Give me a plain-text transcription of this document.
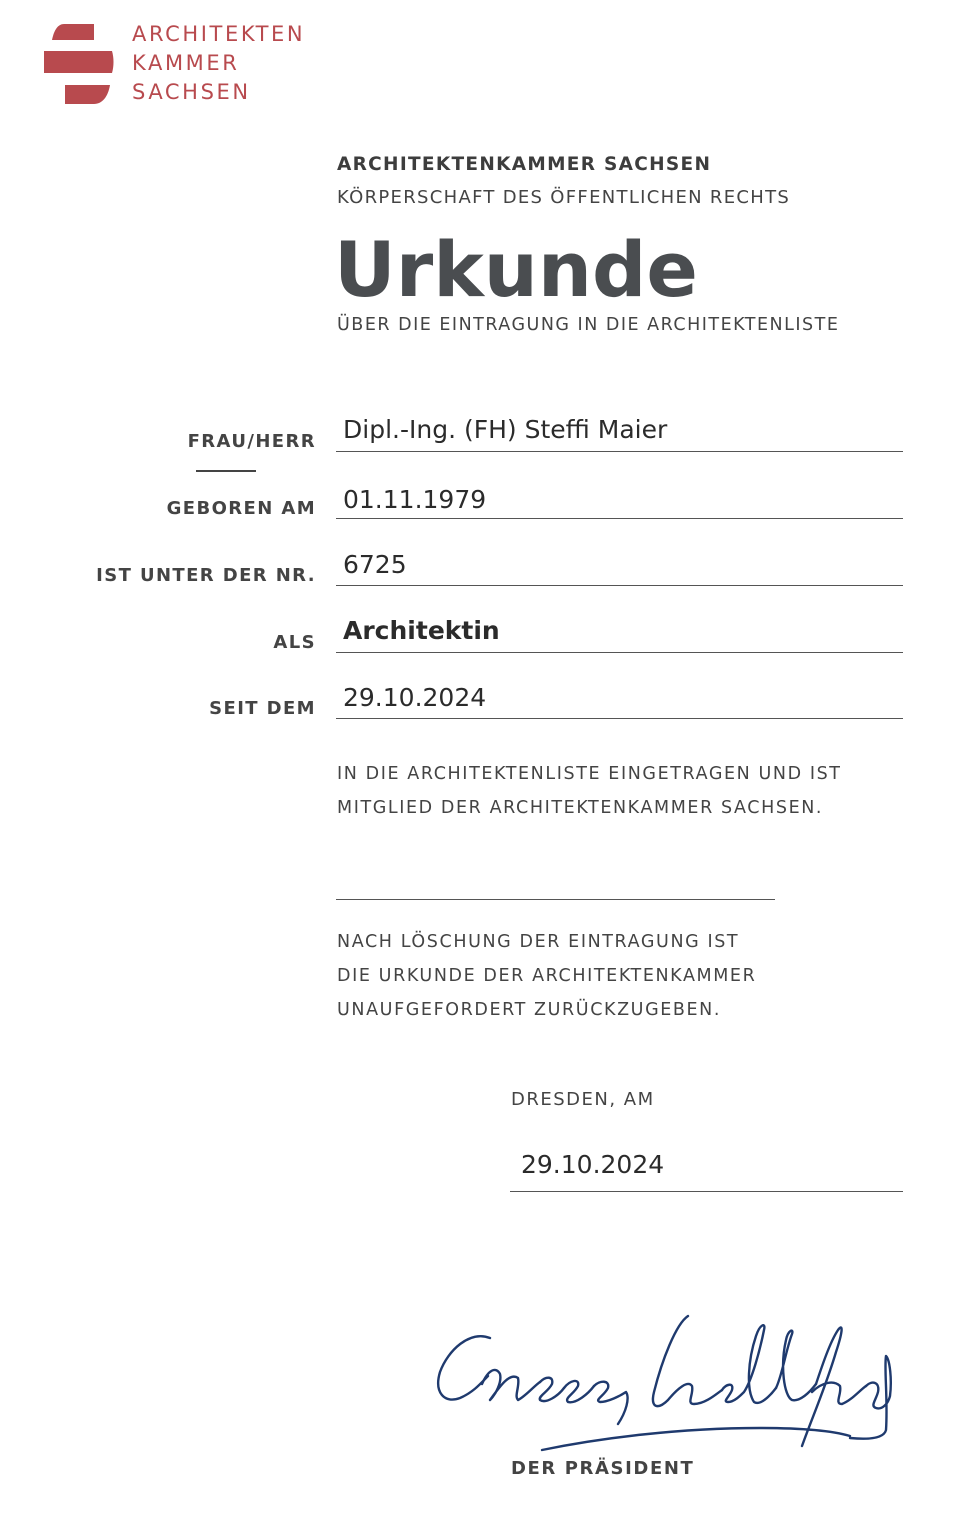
ARCHITEKTEN
KAMMER
SACHSEN
ARCHITEKTENKAMMER SACHSEN
KÖRPERSCHAFT DES ÖFFENTLICHEN RECHTS
Urkunde
ÜBER DIE EINTRAGUNG IN DIE ARCHITEKTENLISTE
FRAU/HERR Dipl.-Ing. (FH) Steffi Maier
GEBOREN AM 01.11.1979
IST UNTER DER NR. 6725
ALS Architektin
SEIT DEM 29.10.2024
IN DIE ARCHITEKTENLISTE EINGETRAGEN UND IST
MITGLIED DER ARCHITEKTENKAMMER SACHSEN.
NACH LÖSCHUNG DER EINTRAGUNG IST
DIE URKUNDE DER ARCHITEKTENKAMMER
UNAUFGEFORDERT ZURÜCKZUGEBEN.
DRESDEN, AM
29.10.2024
DER PRÄSIDENT
